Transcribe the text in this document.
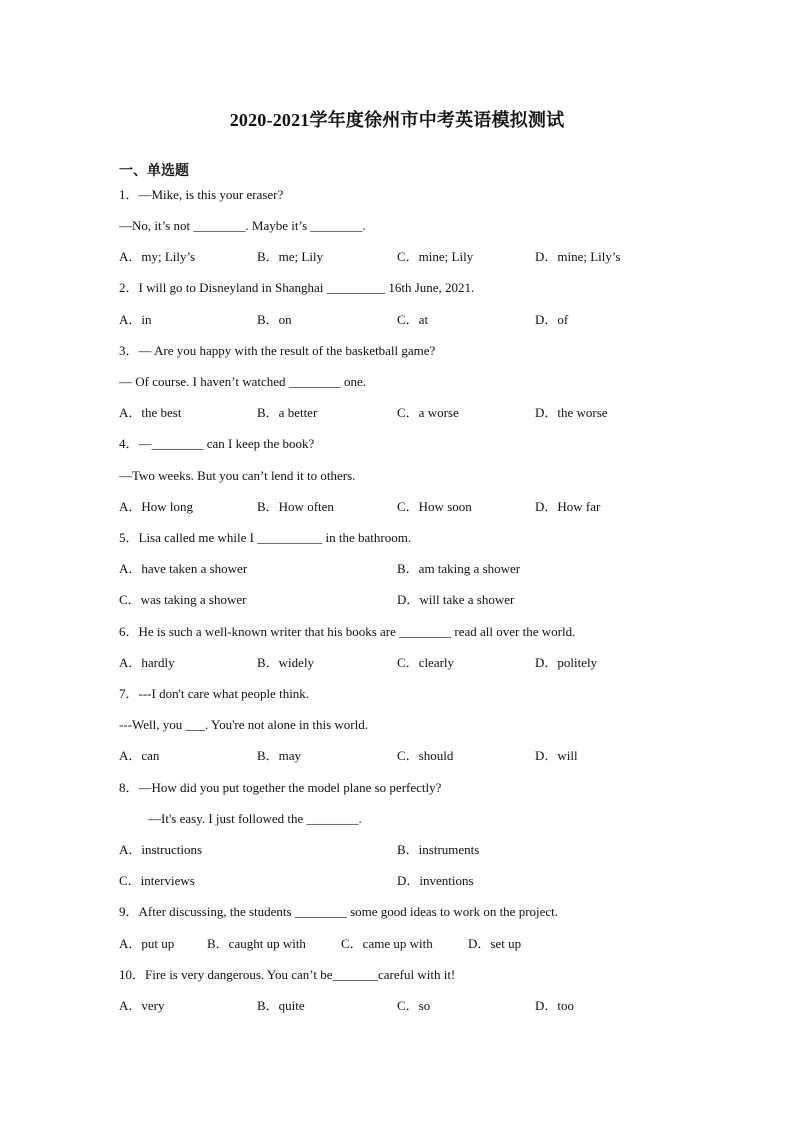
2020-2021学年度徐州市中考英语模拟测试
一、单选题
1．—Mike, is this your eraser?
—No, it’s not ________. Maybe it’s ________.
A．my; Lily’s	B．me; Lily	C．mine; Lily	D．mine; Lily’s
2．I will go to Disneyland in Shanghai _________ 16th June, 2021.
A．in	B．on	C．at	D．of
3．— Are you happy with the result of the basketball game?
— Of course. I haven’t watched ________ one.
A．the best	B．a better	C．a worse	D．the worse
4．—________ can I keep the book?
—Two weeks. But you can’t lend it to others.
A．How long	B．How often	C．How soon	D．How far
5．Lisa called me while I __________ in the bathroom.
A．have taken a shower	B．am taking a shower
C．was taking a shower	D．will take a shower
6．He is such a well-known writer that his books are ________ read all over the world.
A．hardly	B．widely	C．clearly	D．politely
7．---I don't care what people think.
---Well, you ___. You're not alone in this world.
A．can	B．may	C．should	D．will
8．—How did you put together the model plane so perfectly?
—It's easy. I just followed the ________.
A．instructions	B．instruments
C．interviews	D．inventions
9．After discussing, the students ________ some good ideas to work on the project.
A．put up	B．caught up with	C．came up with	D．set up
10．Fire is very dangerous. You can’t be_______careful with it!
A．very	B．quite	C．so	D．too
